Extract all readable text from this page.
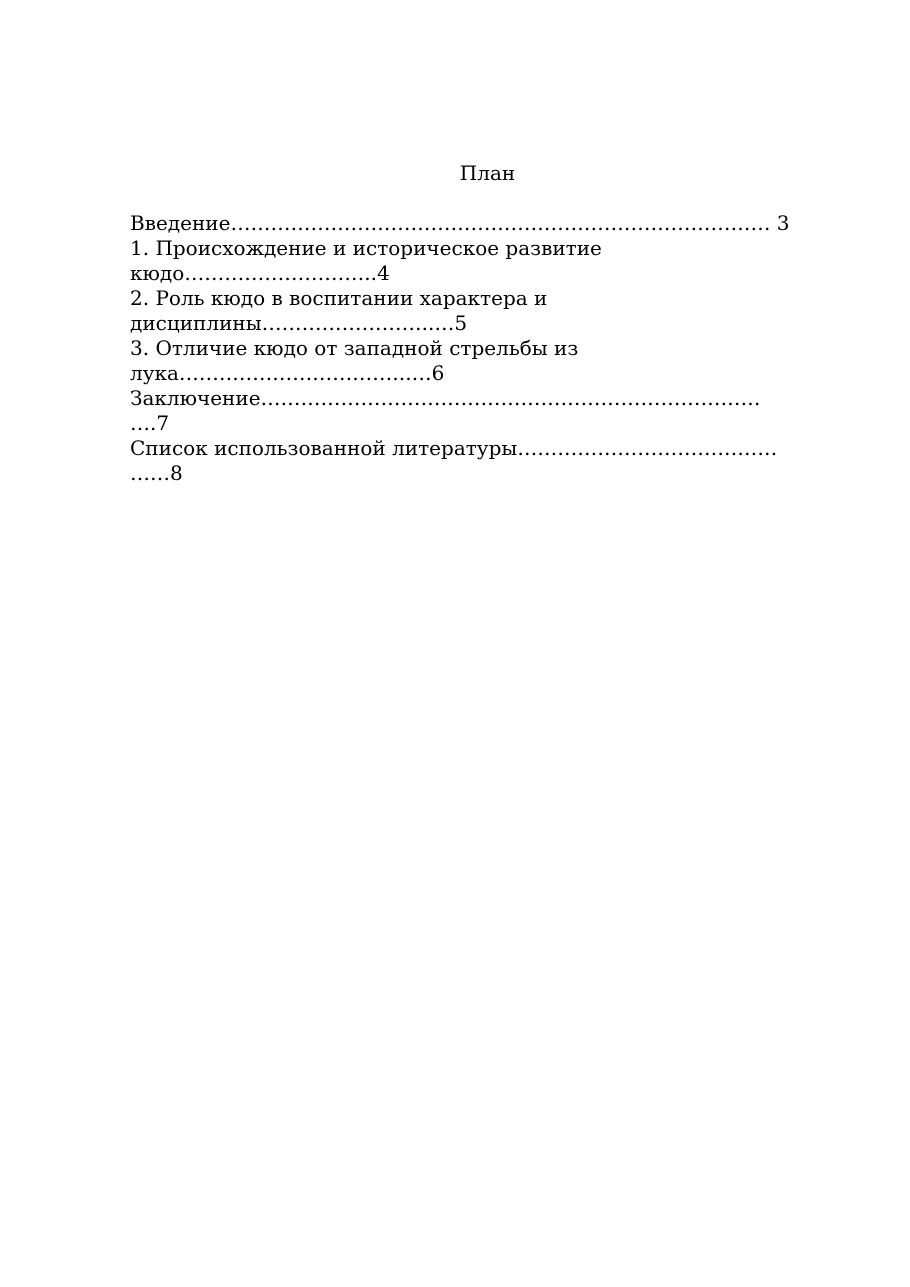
План
Введение……………………………………………………………………… 3
1. Происхождение и историческое развитие
кюдо………………………..4
2. Роль кюдо в воспитании характера и
дисциплины……………………..…5
3. Отличие кюдо от западной стрельбы из
лука……………………………..…6
Заключение…………………………………………………………………
….7
Список использованной литературы…………………………………
……8
